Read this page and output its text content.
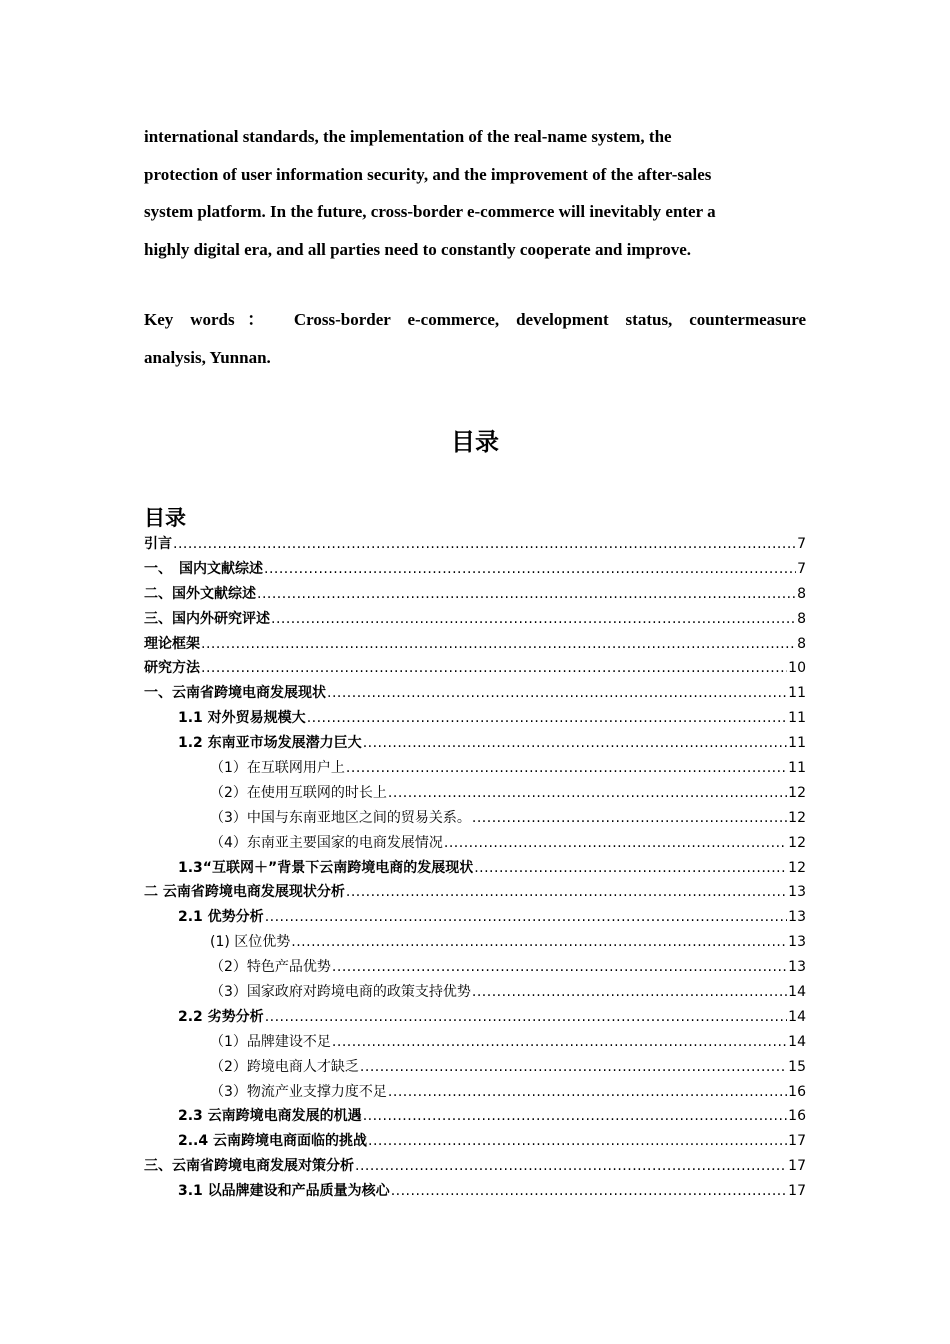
international standards, the implementation of the real-name system, the
protection of user information security, and the improvement of the after-sales
system platform. In the future, cross-border e-commerce will inevitably enter a
highly digital era, and all parties need to constantly cooperate and improve.
Key words： Cross-border e-commerce, development status, countermeasure
analysis, Yunnan.
目录
目录
引言 .....	7
一、　国内文献综述 .....	7
二、国外文献综述 .....	8
三、国内外研究评述 .....	8
理论框架 .....	8
研究方法 .....	10
一、云南省跨境电商发展现状 .....	11
1.1 对外贸易规模大 .....	11
1.2 东南亚市场发展潜力巨大 .....	11
（1）在互联网用户上 .....	11
（2）在使用互联网的时长上 .....	12
（3）中国与东南亚地区之间的贸易关系。 .....	12
（4）东南亚主要国家的电商发展情况 .....	12
1.3“互联网＋”背景下云南跨境电商的发展现状 .....	12
二 云南省跨境电商发展现状分析 .....	13
2.1 优势分析 .....	13
(1) 区位优势 .....	13
（2）特色产品优势 .....	13
（3）国家政府对跨境电商的政策支持优势 .....	14
2.2 劣势分析 .....	14
（1）品牌建设不足 .....	14
（2）跨境电商人才缺乏 .....	15
（3）物流产业支撑力度不足 .....	16
2.3 云南跨境电商发展的机遇 .....	16
2..4 云南跨境电商面临的挑战 .....	17
三、云南省跨境电商发展对策分析 .....	17
3.1 以品牌建设和产品质量为核心 .....	17
